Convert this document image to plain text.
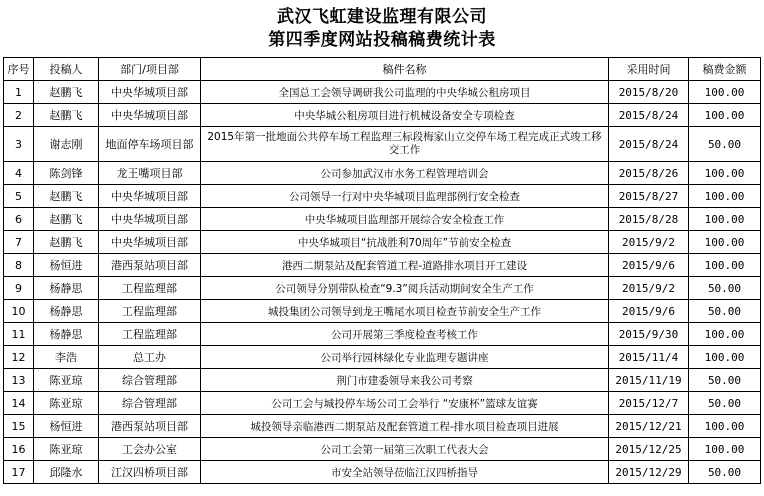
武汉飞虹建设监理有限公司
第四季度网站投稿稿费统计表
序号	投稿人	部门/项目部	稿件名称	采用时间	稿费金额
1	赵鹏飞	中央华城项目部	全国总工会领导调研我公司监理的中央华城公租房项目	2015/8/20	100.00
2	赵鹏飞	中央华城项目部	中央华城公租房项目进行机械设备安全专项检查	2015/8/24	100.00
3	谢志刚	地面停车场项目部	2015年第一批地面公共停车场工程监理三标段梅家山立交停车场工程完成正式竣工移交工作	2015/8/24	50.00
4	陈剑锋	龙王嘴项目部	公司参加武汉市水务工程管理培训会	2015/8/26	100.00
5	赵鹏飞	中央华城项目部	公司领导一行对中央华城项目监理部例行安全检查	2015/8/27	100.00
6	赵鹏飞	中央华城项目部	中央华城项目监理部开展综合安全检查工作	2015/8/28	100.00
7	赵鹏飞	中央华城项目部	中央华城项目“抗战胜利70周年”节前安全检查	2015/9/2	100.00
8	杨恒进	港西泵站项目部	港西二期泵站及配套管道工程-道路排水项目开工建设	2015/9/6	100.00
9	杨静思	工程监理部	公司领导分别带队检查“9.3”阅兵活动期间安全生产工作	2015/9/2	50.00
10	杨静思	工程监理部	城投集团公司领导到龙王嘴尾水项目检查节前安全生产工作	2015/9/6	50.00
11	杨静思	工程监理部	公司开展第三季度检查考核工作	2015/9/30	100.00
12	李浩	总工办	公司举行园林绿化专业监理专题讲座	2015/11/4	100.00
13	陈亚琼	综合管理部	荆门市建委领导来我公司考察	2015/11/19	50.00
14	陈亚琼	综合管理部	公司工会与城投停车场公司工会举行 “安康杯”篮球友谊赛	2015/12/7	50.00
15	杨恒进	港西泵站项目部	城投领导亲临港西二期泵站及配套管道工程-排水项目检查项目进展	2015/12/21	100.00
16	陈亚琼	工会办公室	公司工会第一届第三次职工代表大会	2015/12/25	100.00
17	邱隆水	江汉四桥项目部	市安全站领导莅临江汉四桥指导	2015/12/29	50.00
